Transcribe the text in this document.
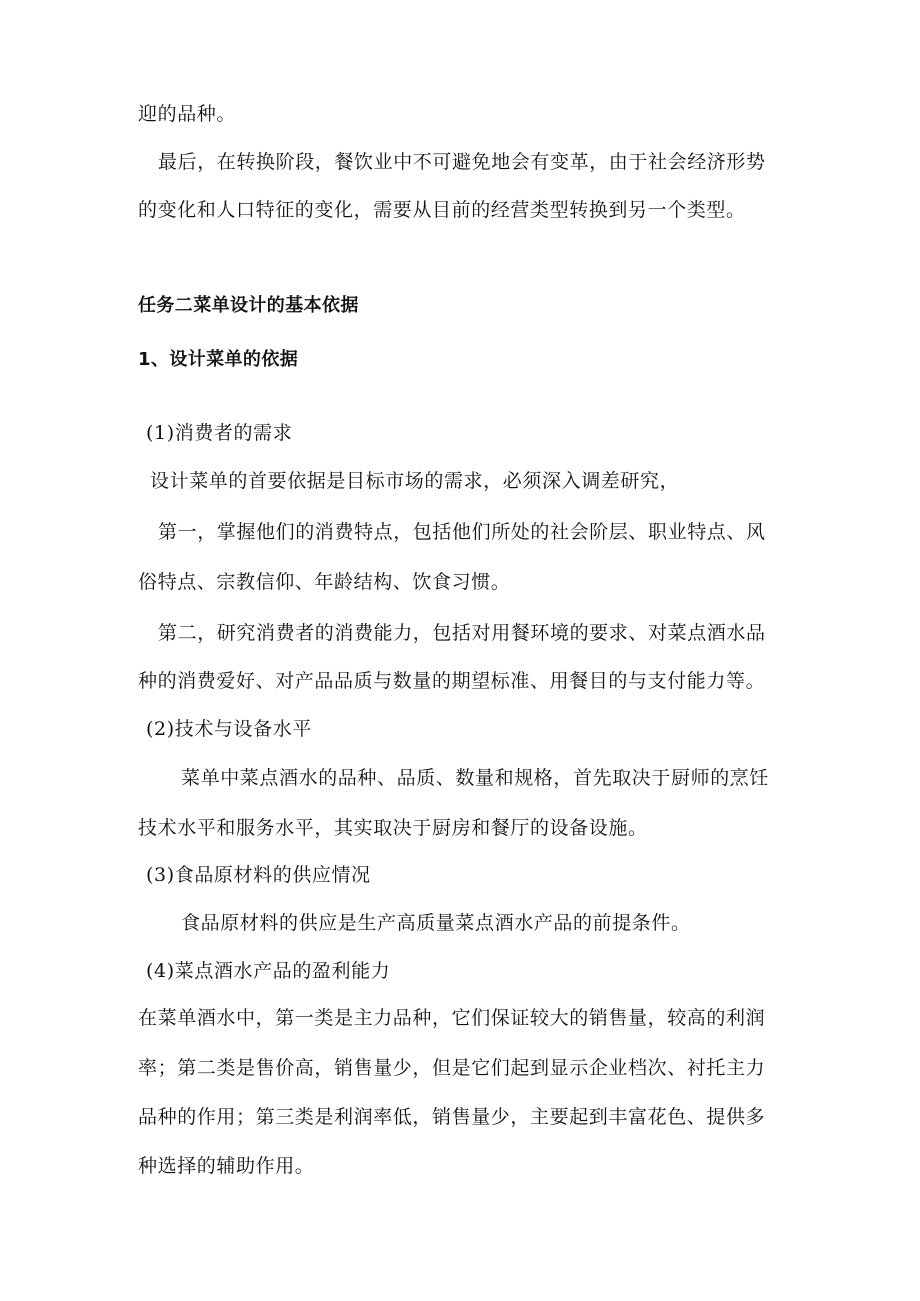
迎的品种。
最后，在转换阶段，餐饮业中不可避免地会有变革，由于社会经济形势
的变化和人口特征的变化，需要从目前的经营类型转换到另一个类型。
任务二菜单设计的基本依据
1、设计菜单的依据
(1)消费者的需求
设计菜单的首要依据是目标市场的需求，必须深入调差研究，
第一，掌握他们的消费特点，包括他们所处的社会阶层、职业特点、风
俗特点、宗教信仰、年龄结构、饮食习惯。
第二，研究消费者的消费能力，包括对用餐环境的要求、对菜点酒水品
种的消费爱好、对产品品质与数量的期望标准、用餐目的与支付能力等。
(2)技术与设备水平
菜单中菜点酒水的品种、品质、数量和规格，首先取决于厨师的烹饪
技术水平和服务水平，其实取决于厨房和餐厅的设备设施。
(3)食品原材料的供应情况
食品原材料的供应是生产高质量菜点酒水产品的前提条件。
(4)菜点酒水产品的盈利能力
在菜单酒水中，第一类是主力品种，它们保证较大的销售量，较高的利润
率；第二类是售价高，销售量少，但是它们起到显示企业档次、衬托主力
品种的作用；第三类是利润率低，销售量少，主要起到丰富花色、提供多
种选择的辅助作用。
